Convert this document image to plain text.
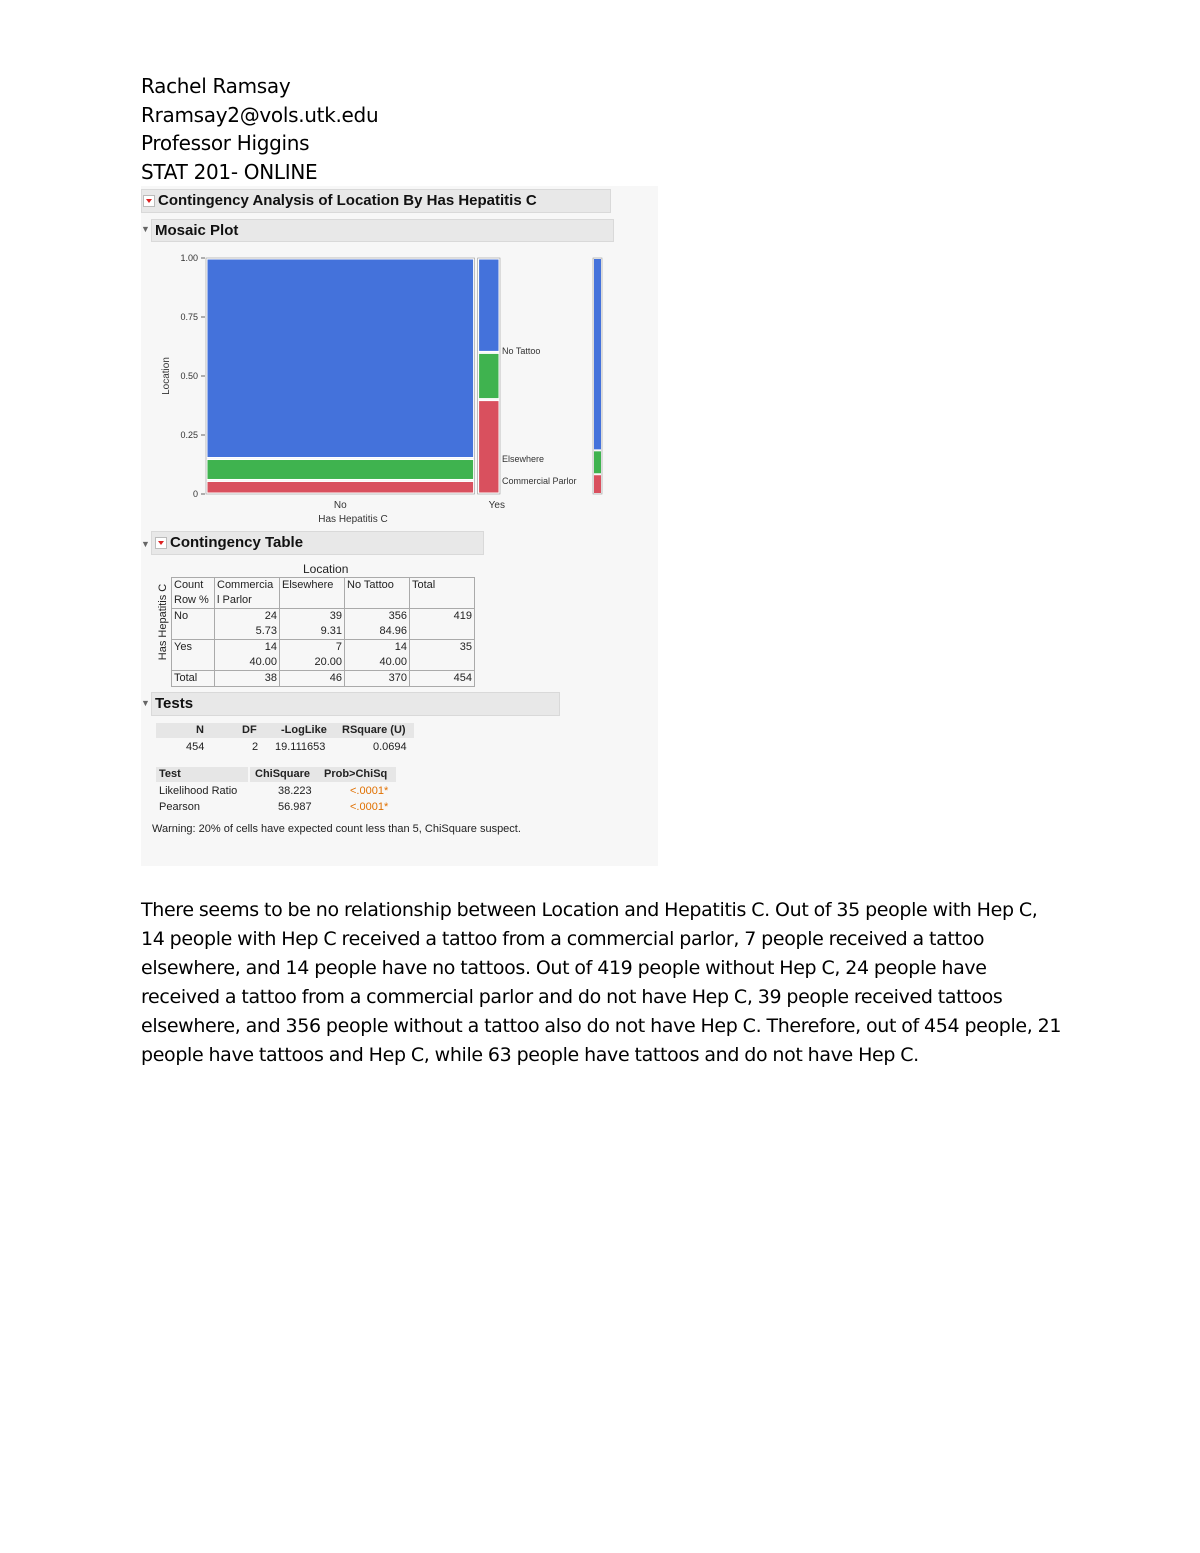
Rachel Ramsay
Rramsay2@vols.utk.edu
Professor Higgins
STAT 201- ONLINE
Contingency Analysis of Location By Has Hepatitis C
▼ Mosaic Plot
Location
1.00
0.75
0.50
0.25
0
No Tattoo
Elsewhere
Commercial Parlor
No	Yes
Has Hepatitis C
▼	Contingency Table
Location
Has Hepatitis C Count	Commercia	Elsewhere	No Tattoo	Total
Row %	l Parlor			
No	24	39	356	419
	5.73	9.31	84.96	
Yes	14	7	14	35
	40.00	20.00	40.00	
Total	38	46	370	454
▼ Tests
N	DF -LogLike RSquare (U)
454	2 19.111653	0.0694
Test	ChiSquare Prob>ChiSq
Likelihood Ratio	38.223	<.0001*
Pearson	56.987	<.0001*
Warning: 20% of cells have expected count less than 5, ChiSquare suspect.
There seems to be no relationship between Location and Hepatitis C. Out of 35 people with Hep C, 14 people with Hep C received a tattoo from a commercial parlor, 7 people received a tattoo elsewhere, and 14 people have no tattoos. Out of 419 people without Hep C, 24 people have received a tattoo from a commercial parlor and do not have Hep C, 39 people received tattoos elsewhere, and 356 people without a tattoo also do not have Hep C. Therefore, out of 454 people, 21 people have tattoos and Hep C, while 63 people have tattoos and do not have Hep C.
